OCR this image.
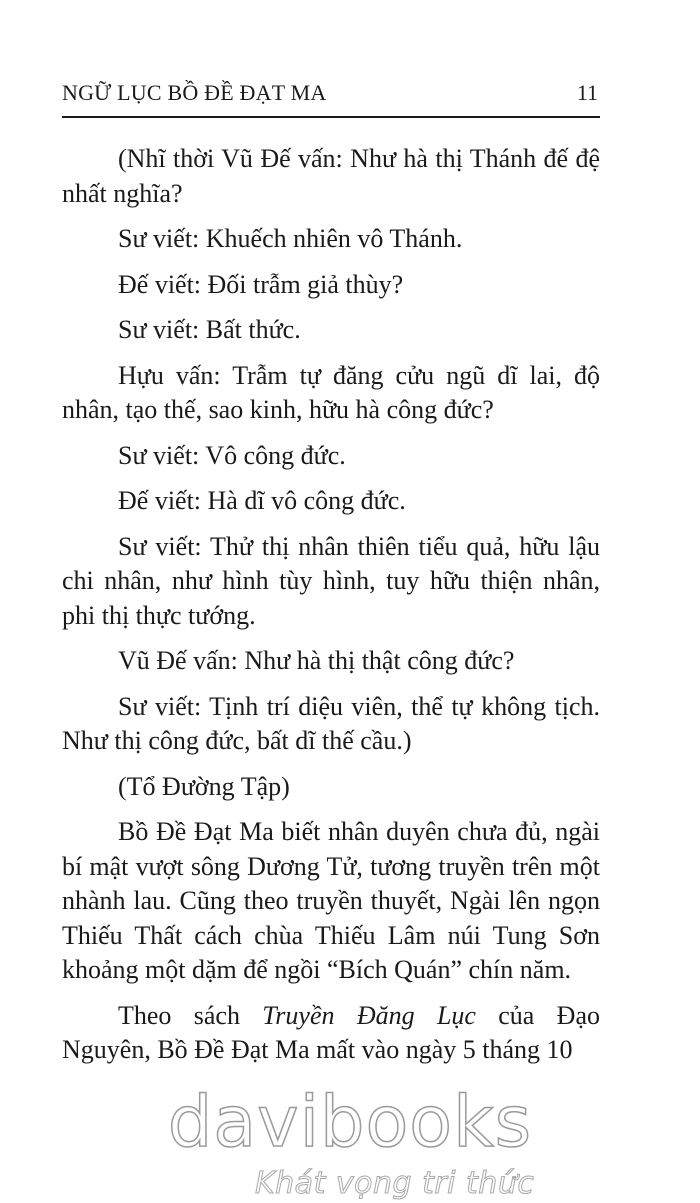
NGỮ LỤC BỒ ĐỀ ĐẠT MA	11

(Nhĩ thời Vũ Đế vấn: Như hà thị Thánh đế đệ nhất nghĩa?

Sư viết: Khuếch nhiên vô Thánh.

Đế viết: Đối trẫm giả thùy?

Sư viết: Bất thức.

Hựu vấn: Trẫm tự đăng cửu ngũ dĩ lai, độ nhân, tạo thế, sao kinh, hữu hà công đức?

Sư viết: Vô công đức.

Đế viết: Hà dĩ vô công đức.

Sư viết: Thử thị nhân thiên tiểu quả, hữu lậu chi nhân, như hình tùy hình, tuy hữu thiện nhân, phi thị thực tướng.

Vũ Đế vấn: Như hà thị thật công đức?

Sư viết: Tịnh trí diệu viên, thể tự không tịch. Như thị công đức, bất dĩ thế cầu.)

(Tổ Đường Tập)

Bồ Đề Đạt Ma biết nhân duyên chưa đủ, ngài bí mật vượt sông Dương Tử, tương truyền trên một nhành lau. Cũng theo truyền thuyết, Ngài lên ngọn Thiếu Thất cách chùa Thiếu Lâm núi Tung Sơn khoảng một dặm để ngồi “Bích Quán” chín năm.

Theo sách Truyền Đăng Lục của Đạo Nguyên, Bồ Đề Đạt Ma mất vào ngày 5 tháng 10

davibooks
Khát vọng tri thức
